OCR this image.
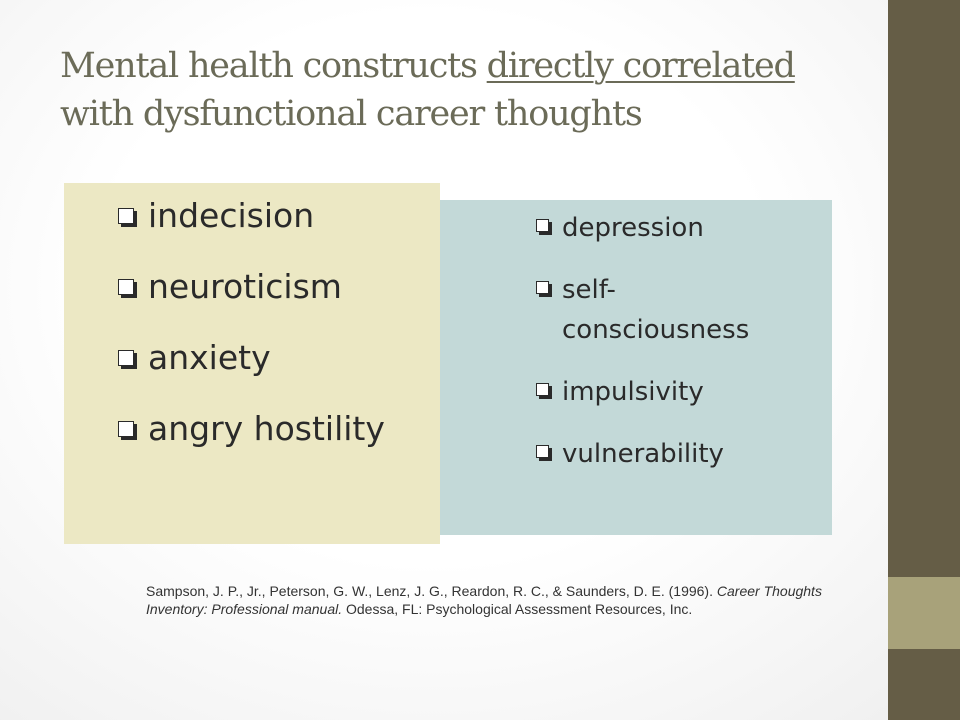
Mental health constructs directly correlated with dysfunctional career thoughts
indecision
neuroticism
anxiety
angry hostility
depression
self-consciousness
impulsivity
vulnerability
Sampson, J. P., Jr., Peterson, G. W., Lenz, J. G., Reardon, R. C., & Saunders, D. E. (1996). Career Thoughts Inventory: Professional manual. Odessa, FL: Psychological Assessment Resources, Inc.
